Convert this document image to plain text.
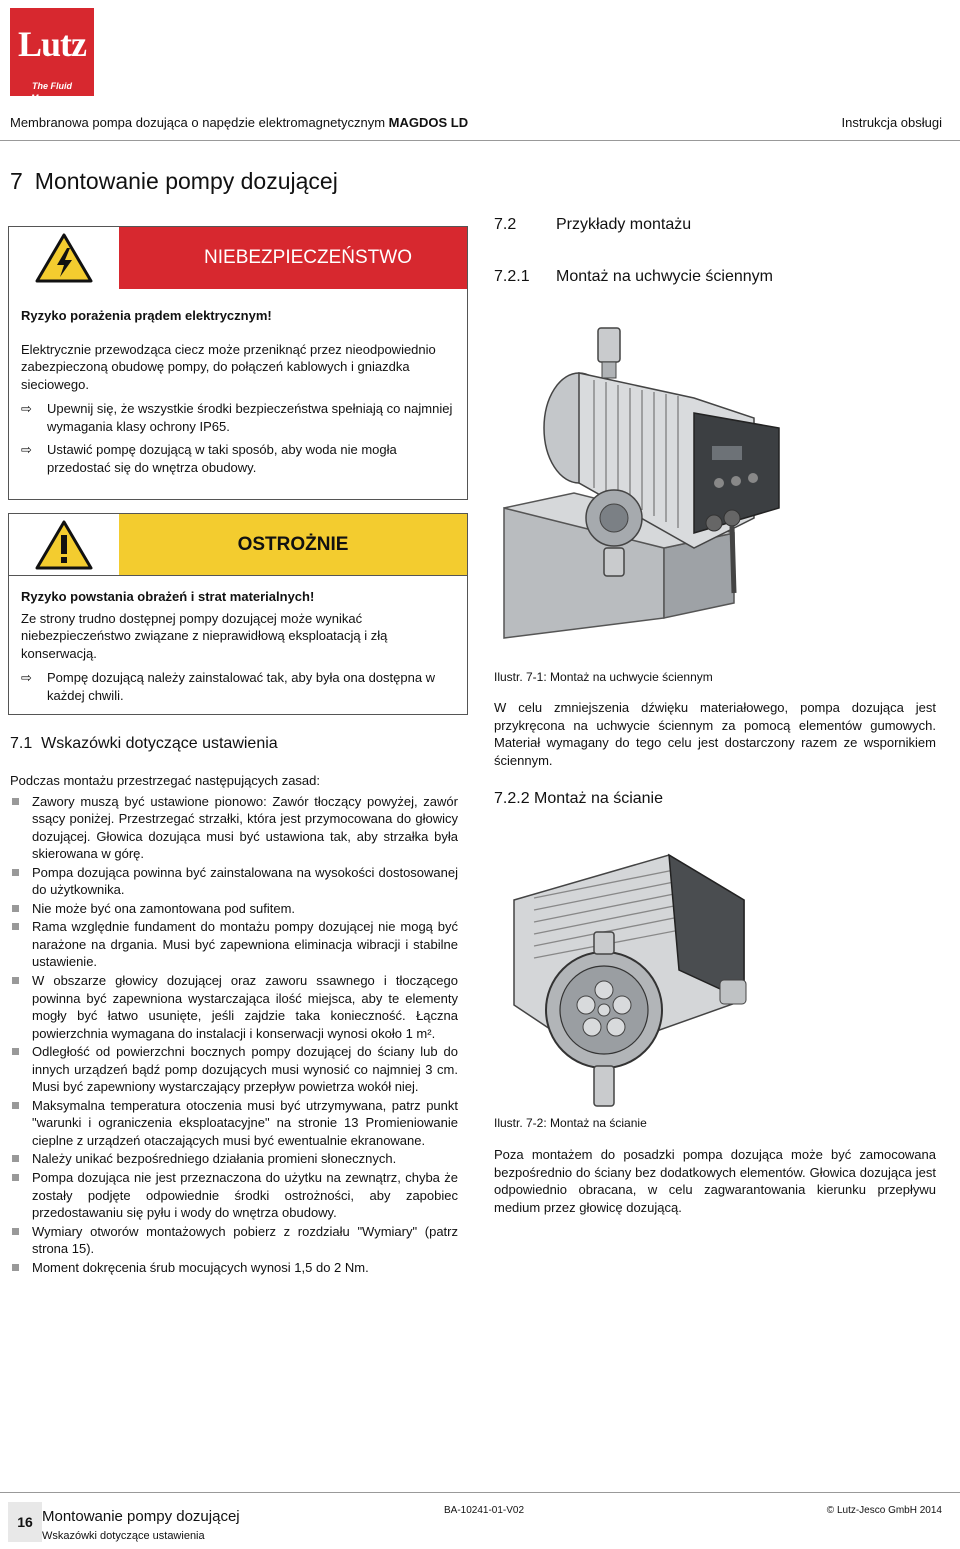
Lutz
The Fluid Managers
Membranowa pompa dozująca o napędzie elektromagnetycznym MAGDOS LD	Instrukcja obsługi
7 Montowanie pompy dozującej
NIEBEZPIECZEŃSTWO

Ryzyko porażenia prądem elektrycznym!

Elektrycznie przewodząca ciecz może przeniknąć przez nieodpowiednio zabezpieczoną obudowę pompy, do połączeń kablowych i gniazdka sieciowego.

⇨	Upewnij się, że wszystkie środki bezpieczeństwa spełniają co najmniej wymagania klasy ochrony IP65.
⇨	Ustawić pompę dozującą w taki sposób, aby woda nie mogła przedostać się do wnętrza obudowy.
OSTROŻNIE

Ryzyko powstania obrażeń i strat materialnych!

Ze strony trudno dostępnej pompy dozującej może wynikać niebezpieczeństwo związane z nieprawidłową eksploatacją i złą konserwacją.

⇨	Pompę dozującą należy zainstalować tak, aby była ona dostępna w każdej chwili.
7.1 Wskazówki dotyczące ustawienia

Podczas montażu przestrzegać następujących zasad:

Zawory muszą być ustawione pionowo: Zawór tłoczący powyżej, zawór ssący poniżej. Przestrzegać strzałki, która jest przymocowana do głowicy dozującej. Głowica dozująca musi być ustawiona tak, aby strzałka była skierowana w górę.
Pompa dozująca powinna być zainstalowana na wysokości dostosowanej do użytkownika.
Nie może być ona zamontowana pod sufitem.
Rama względnie fundament do montażu pompy dozującej nie mogą być narażone na drgania. Musi być zapewniona eliminacja wibracji i stabilne ustawienie.
W obszarze głowicy dozującej oraz zaworu ssawnego i tłoczącego powinna być zapewniona wystarczająca ilość miejsca, aby te elementy mogły być łatwo usunięte, jeśli zajdzie taka konieczność. Łączna powierzchnia wymagana do instalacji i konserwacji wynosi około 1 m².
Odległość od powierzchni bocznych pompy dozującej do ściany lub do innych urządzeń bądź pomp dozujących musi wynosić co najmniej 3 cm. Musi być zapewniony wystarczający przepływ powietrza wokół niej.
Maksymalna temperatura otoczenia musi być utrzymywana, patrz punkt "warunki i ograniczenia eksploatacyjne" na stronie 13 Promieniowanie cieplne z urządzeń otaczających musi być ewentualnie ekranowane.
Należy unikać bezpośredniego działania promieni słonecznych.
Pompa dozująca nie jest przeznaczona do użytku na zewnątrz, chyba że zostały podjęte odpowiednie środki ostrożności, aby zapobiec przedostawaniu się pyłu i wody do wnętrza obudowy.
Wymiary otworów montażowych pobierz z rozdziału "Wymiary" (patrz strona 15).
Moment dokręcenia śrub mocujących wynosi 1,5 do 2 Nm.
7.2 Przykłady montażu
7.2.1 Montaż na uchwycie ściennym
Ilustr. 7-1: Montaż na uchwycie ściennym
W celu zmniejszenia dźwięku materiałowego, pompa dozująca jest przykręcona na uchwycie ściennym za pomocą elementów gumowych. Materiał wymagany do tego celu jest dostarczony razem ze wspornikiem ściennym.
7.2.2 Montaż na ścianie
Ilustr. 7-2: Montaż na ścianie
Poza montażem do posadzki pompa dozująca może być zamocowana bezpośrednio do ściany bez dodatkowych elementów. Głowica dozująca jest odpowiednio obracana, w celu zagwarantowania kierunku przepływu medium przez głowicę dozującą.
16 Montowanie pompy dozującej
Wskazówki dotyczące ustawienia
BA-10241-01-V02	© Lutz-Jesco GmbH 2014
